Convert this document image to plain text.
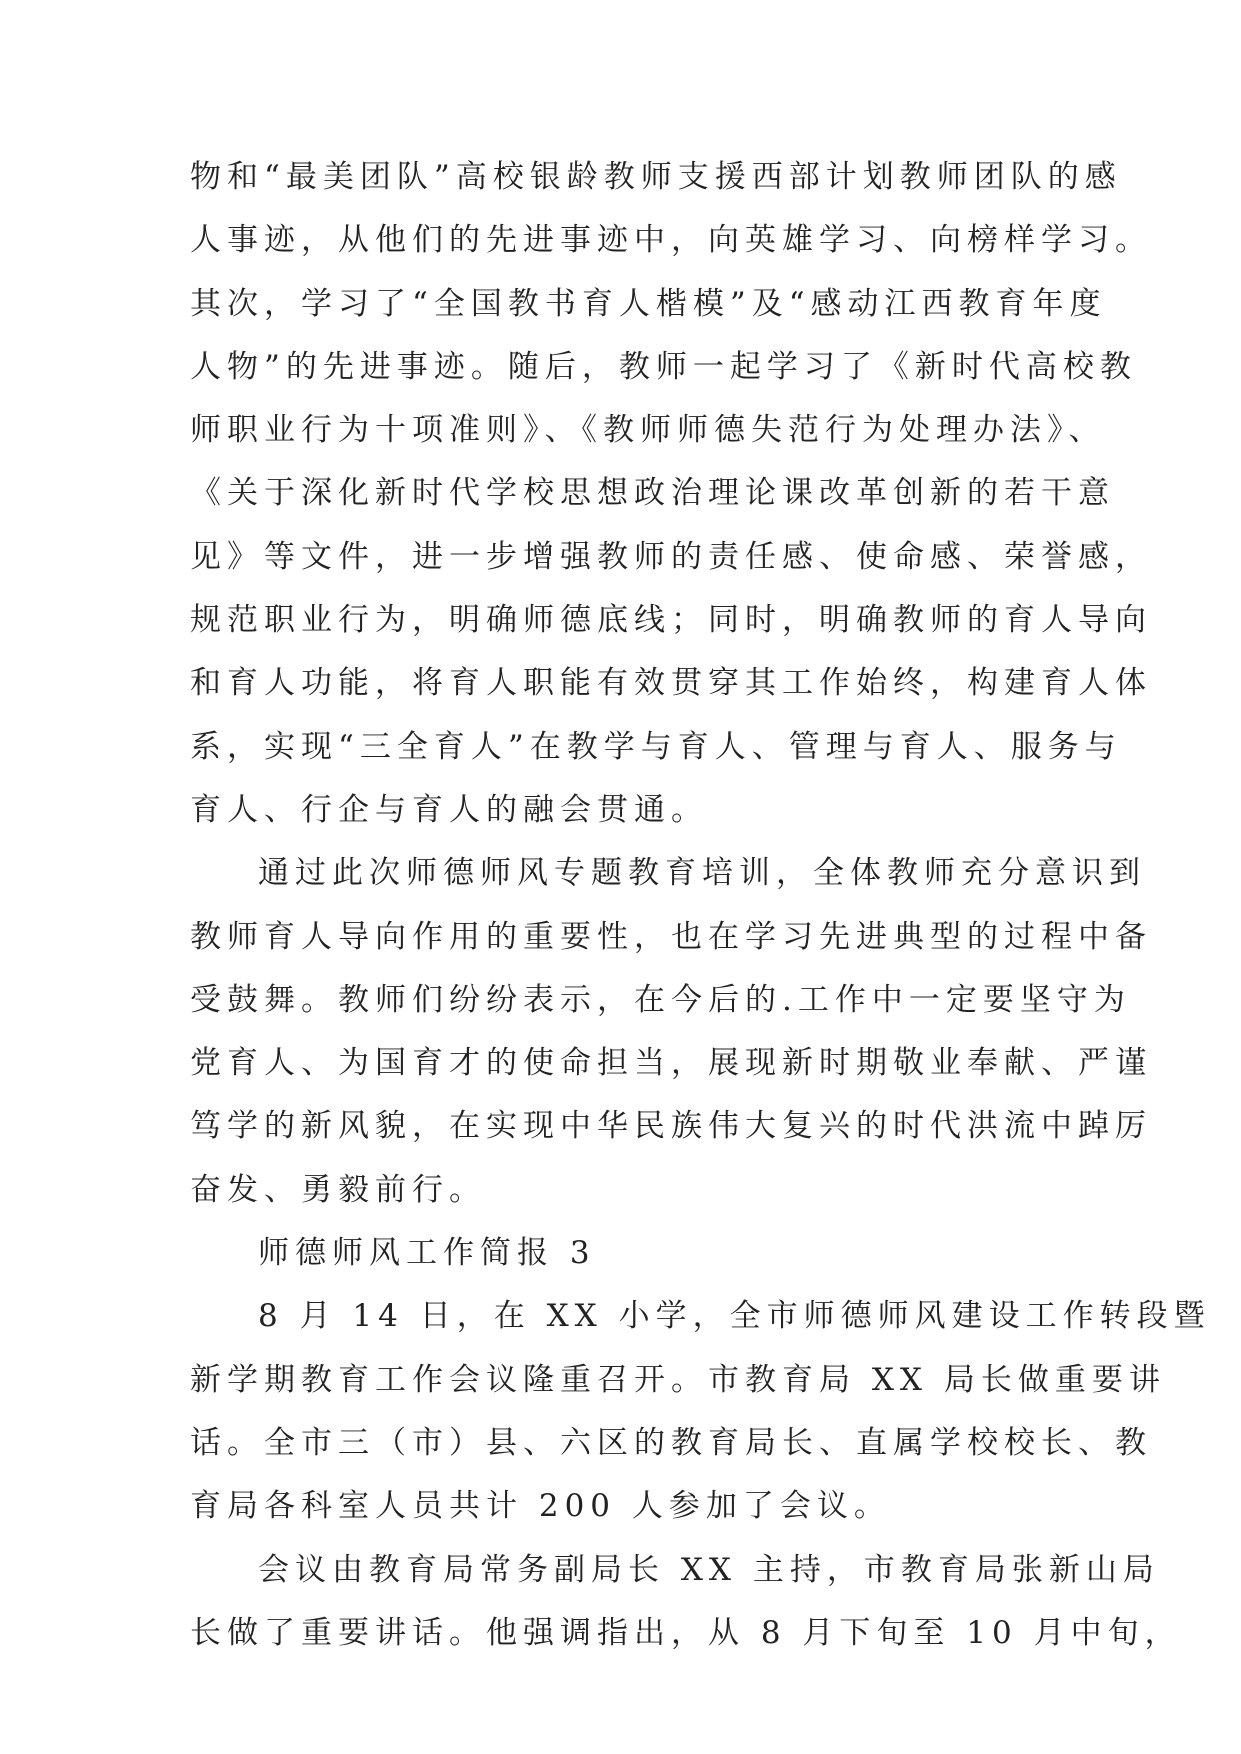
物和“最美团队”高校银龄教师支援西部计划教师团队的感
人事迹，从他们的先进事迹中，向英雄学习、向榜样学习。
其次，学习了“全国教书育人楷模”及“感动江西教育年度
人物”的先进事迹。随后，教师一起学习了《新时代高校教
师职业行为十项准则》、《教师师德失范行为处理办法》、
《关于深化新时代学校思想政治理论课改革创新的若干意
见》等文件，进一步增强教师的责任感、使命感、荣誉感，
规范职业行为，明确师德底线；同时，明确教师的育人导向
和育人功能，将育人职能有效贯穿其工作始终，构建育人体
系，实现“三全育人”在教学与育人、管理与育人、服务与
育人、行企与育人的融会贯通。
通过此次师德师风专题教育培训，全体教师充分意识到
教师育人导向作用的重要性，也在学习先进典型的过程中备
受鼓舞。教师们纷纷表示，在今后的.工作中一定要坚守为
党育人、为国育才的使命担当，展现新时期敬业奉献、严谨
笃学的新风貌，在实现中华民族伟大复兴的时代洪流中踔厉
奋发、勇毅前行。
师德师风工作简报 3
8 月 14 日，在 XX 小学，全市师德师风建设工作转段暨
新学期教育工作会议隆重召开。市教育局 XX 局长做重要讲
话。全市三（市）县、六区的教育局长、直属学校校长、教
育局各科室人员共计 200 人参加了会议。
会议由教育局常务副局长 XX 主持，市教育局张新山局
长做了重要讲话。他强调指出，从 8 月下旬至 10 月中旬，
